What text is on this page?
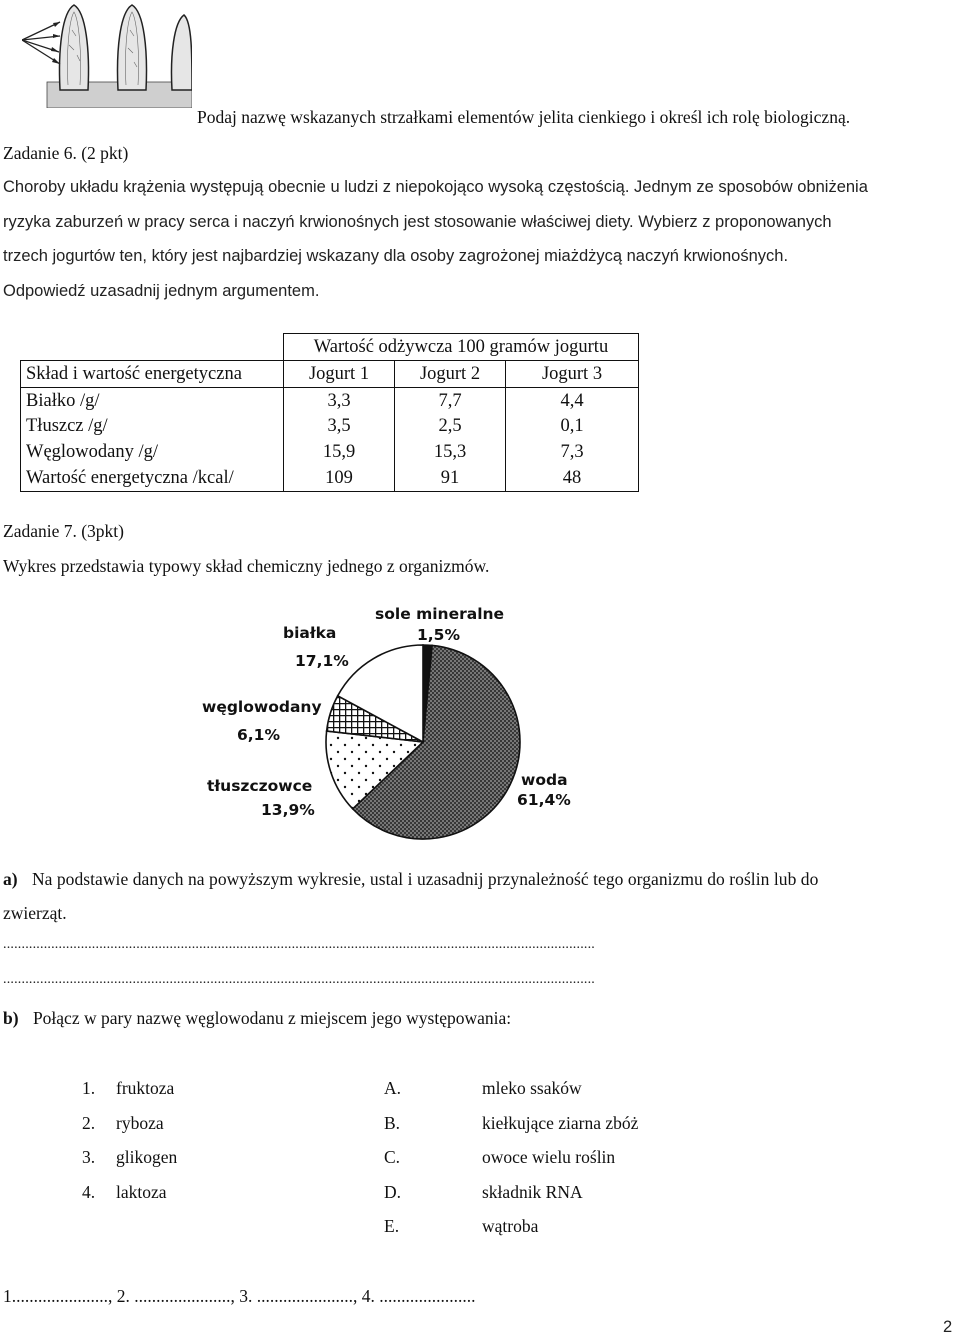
Podaj nazwę wskazanych strzałkami elementów jelita cienkiego i określ ich rolę biologiczną.
Zadanie 6. (2 pkt)
Choroby układu krążenia występują obecnie u ludzi z niepokojąco wysoką częstością. Jednym ze sposobów obniżenia
ryzyka zaburzeń w pracy serca i naczyń krwionośnych jest stosowanie właściwej diety. Wybierz z proponowanych
trzech jogurtów ten, który jest najbardziej wskazany dla osoby zagrożonej miażdżycą naczyń krwionośnych.
Odpowiedź uzasadnij jednym argumentem.
	Wartość odżywcza 100 gramów jogurtu		
Skład i wartość energetyczna	Jogurt 1	Jogurt 2	Jogurt 3
Białko /g/	3,3	7,7	4,4
Tłuszcz /g/	3,5	2,5	0,1
Węglowodany /g/	15,9	15,3	7,3
Wartość energetyczna /kcal/	109	91	48
Zadanie 7. (3pkt)
Wykres przedstawia typowy skład chemiczny jednego z organizmów.
sole mineralne
1,5%
białka
17,1%
węglowodany
6,1%
tłuszczowce
13,9%
woda
61,4%
a) Na podstawie danych na powyższym wykresie, ustal i uzasadnij przynależność tego organizmu do roślin lub do
zwierząt.
................................................................................................................................................................
................................................................................................................................................................
b) Połącz w pary nazwę węglowodanu z miejscem jego występowania:
1. fruktoza
2. ryboza
3. glikogen
4. laktoza
A.	mleko ssaków
B.	kiełkujące ziarna zbóż
C.	owoce wielu roślin
D.	składnik RNA
E.	wątroba
1......................, 2. ......................, 3. ......................, 4. ......................
2
